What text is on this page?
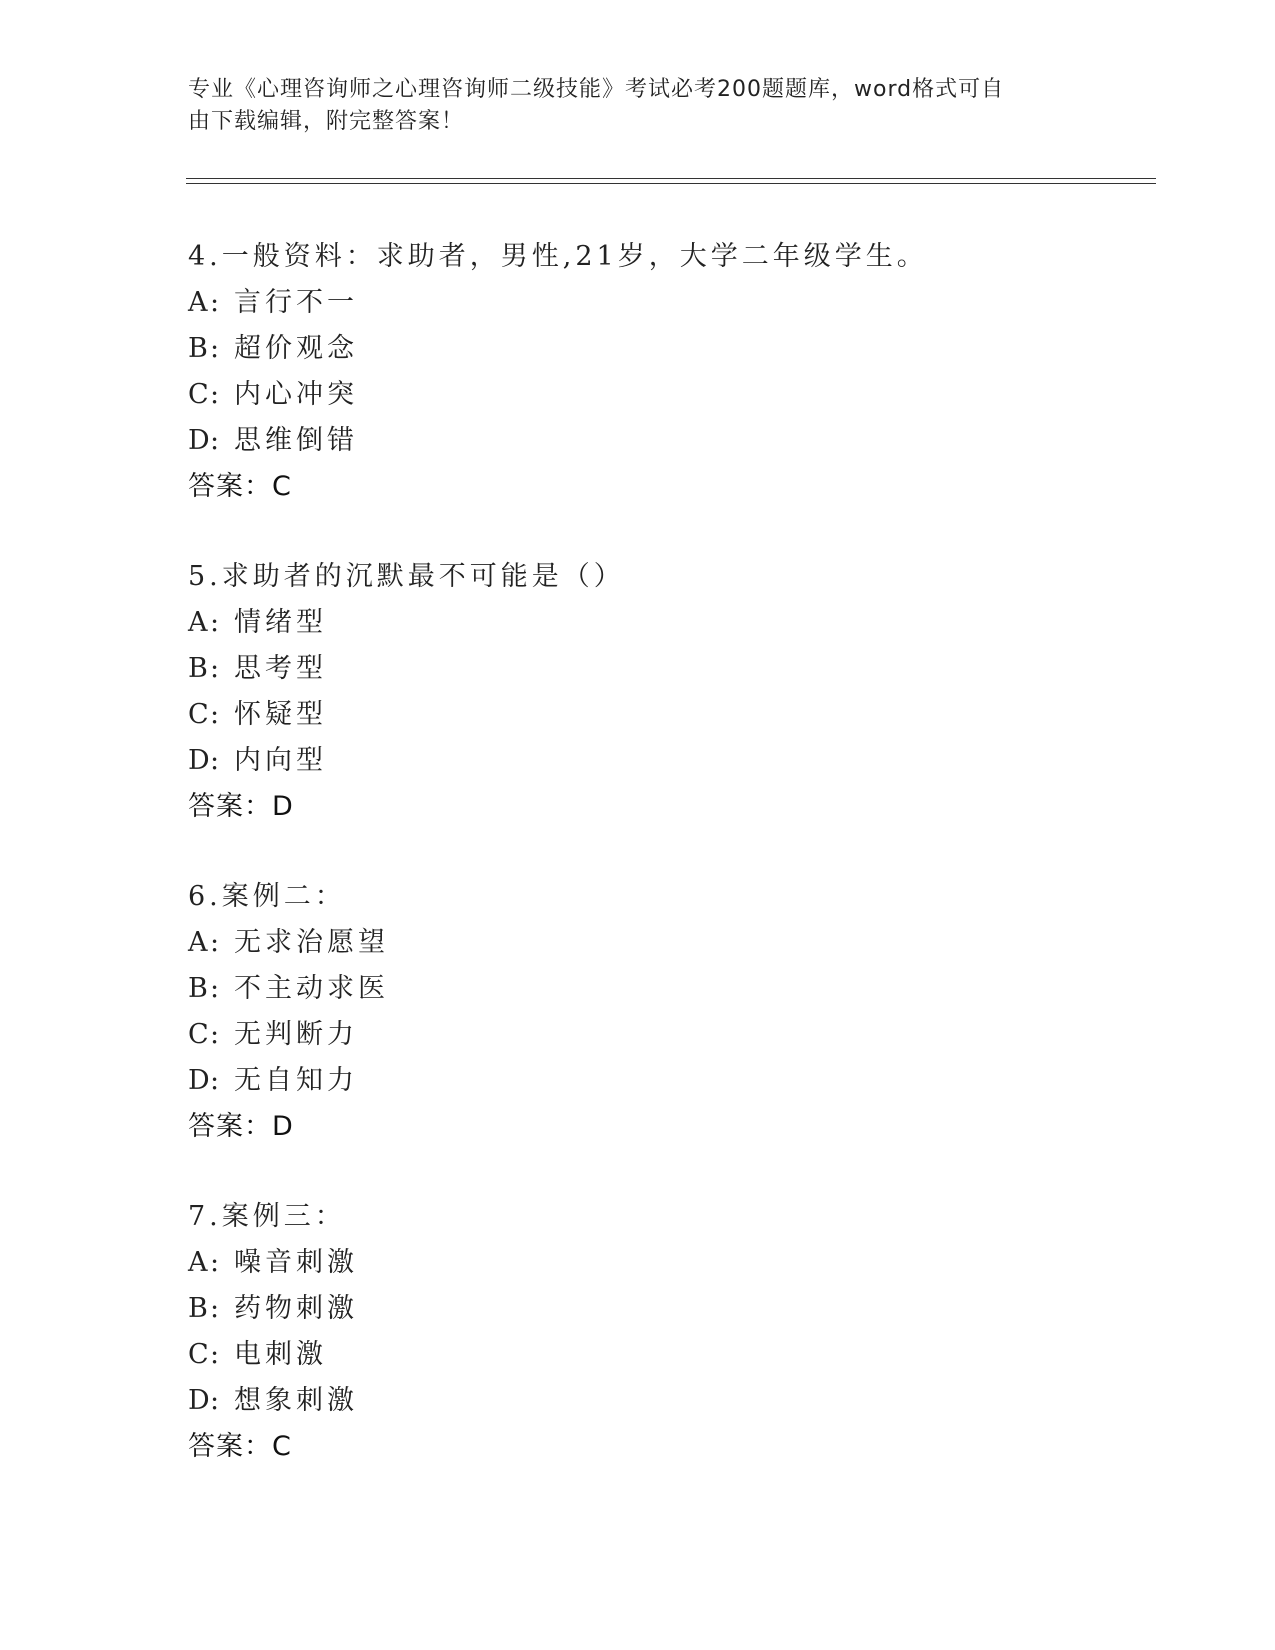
专业《心理咨询师之心理咨询师二级技能》考试必考200题题库，word格式可自
由下载编辑，附完整答案！
4.一般资料：求助者，男性,21岁，大学二年级学生。
A: 言行不一
B: 超价观念
C: 内心冲突
D: 思维倒错
答案：C
5.求助者的沉默最不可能是（）
A: 情绪型
B: 思考型
C: 怀疑型
D: 内向型
答案：D
6.案例二：
A: 无求治愿望
B: 不主动求医
C: 无判断力
D: 无自知力
答案：D
7.案例三：
A: 噪音刺激
B: 药物刺激
C: 电刺激
D: 想象刺激
答案：C
